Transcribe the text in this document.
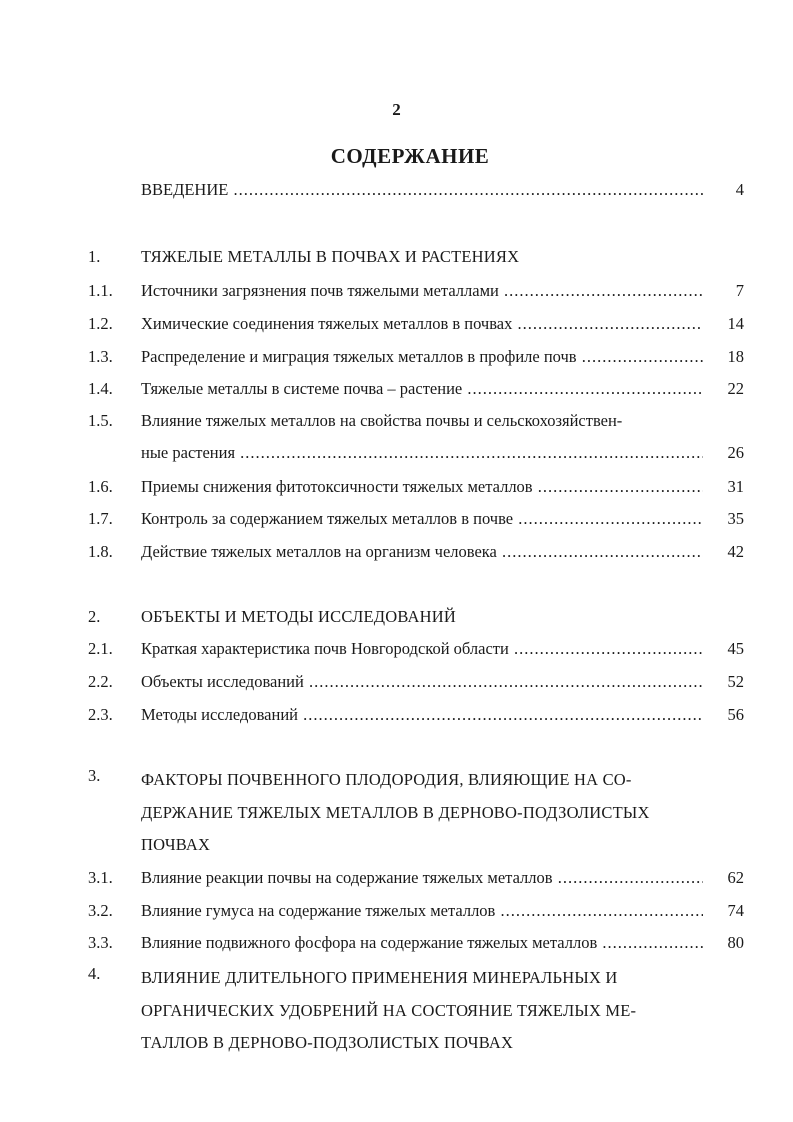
2
СОДЕРЖАНИЕ
ВВЕДЕНИЕ .....	4
1. ТЯЖЕЛЫЕ МЕТАЛЛЫ В ПОЧВАХ И РАСТЕНИЯХ
1.1. Источники загрязнения почв тяжелыми металлами .....	7
1.2. Химические соединения тяжелых металлов в почвах .....	14
1.3. Распределение и миграция тяжелых металлов в профиле почв .....	18
1.4. Тяжелые металлы в системе почва – растение .....	22
1.5. Влияние тяжелых металлов на свойства почвы и сельскохозяйствен-
ные растения .....	26
1.6. Приемы снижения фитотоксичности тяжелых металлов .....	31
1.7. Контроль за содержанием тяжелых металлов в почве .....	35
1.8. Действие тяжелых металлов на организм человека .....	42
2. ОБЪЕКТЫ И МЕТОДЫ ИССЛЕДОВАНИЙ
2.1. Краткая характеристика почв Новгородской области .....	45
2.2. Объекты исследований .....	52
2.3. Методы исследований .....	56
3. ФАКТОРЫ ПОЧВЕННОГО ПЛОДОРОДИЯ, ВЛИЯЮЩИЕ НА СО-
ДЕРЖАНИЕ ТЯЖЕЛЫХ МЕТАЛЛОВ В ДЕРНОВО-ПОДЗОЛИСТЫХ
ПОЧВАХ
3.1. Влияние реакции почвы на содержание тяжелых металлов .....	62
3.2. Влияние гумуса на содержание тяжелых металлов .....	74
3.3. Влияние подвижного фосфора на содержание тяжелых металлов .....	80
4. ВЛИЯНИЕ ДЛИТЕЛЬНОГО ПРИМЕНЕНИЯ МИНЕРАЛЬНЫХ И
ОРГАНИЧЕСКИХ УДОБРЕНИЙ НА СОСТОЯНИЕ ТЯЖЕЛЫХ МЕ-
ТАЛЛОВ В ДЕРНОВО-ПОДЗОЛИСТЫХ ПОЧВАХ
